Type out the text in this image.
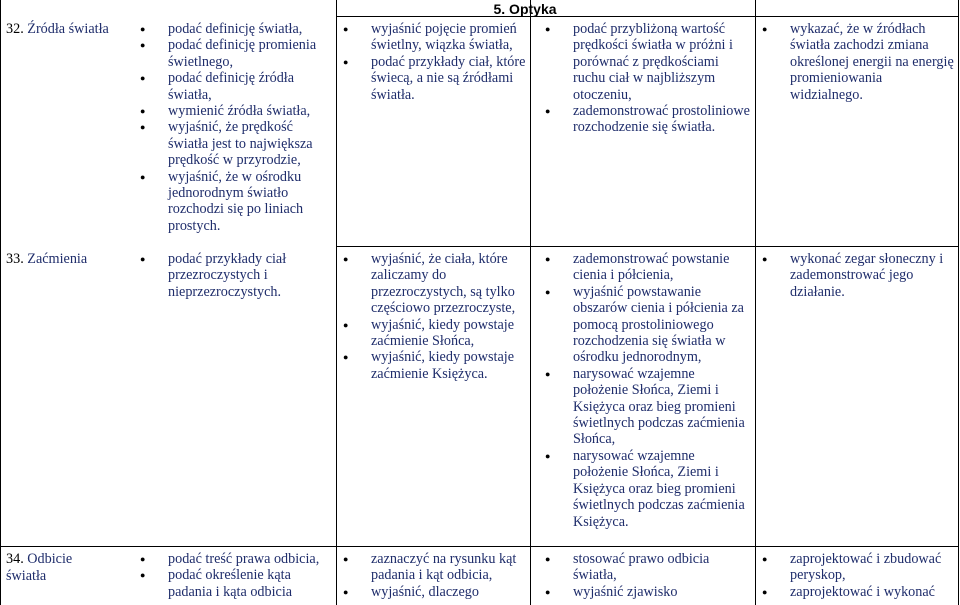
5. Optyka
32. Źródła światła	● podać definicję światła,
● podać definicję promienia świetlnego,
● podać definicję źródła światła,
● wymienić źródła światła,
● wyjaśnić, że prędkość światła jest to największa prędkość w przyrodzie,
● wyjaśnić, że w ośrodku jednorodnym światło rozchodzi się po liniach prostych.
● wyjaśnić pojęcie promień świetlny, wiązka światła,
● podać przykłady ciał, które świecą, a nie są źródłami światła.
● podać przybliżoną wartość prędkości światła w próżni i porównać z prędkościami ruchu ciał w najbliższym otoczeniu,
● zademonstrować prostoliniowe rozchodzenie się światła.
● wykazać, że w źródłach światła zachodzi zmiana określonej energii na energię promieniowania widzialnego.
33. Zaćmienia	● podać przykłady ciał przezroczystych i nieprzezroczystych.
● wyjaśnić, że ciała, które zaliczamy do przezroczystych, są tylko częściowo przezroczyste,
● wyjaśnić, kiedy powstaje zaćmienie Słońca,
● wyjaśnić, kiedy powstaje zaćmienie Księżyca.
● zademonstrować powstanie cienia i półcienia,
● wyjaśnić powstawanie obszarów cienia i półcienia za pomocą prostoliniowego rozchodzenia się światła w ośrodku jednorodnym,
● narysować wzajemne położenie Słońca, Ziemi i Księżyca oraz bieg promieni świetlnych podczas zaćmienia Słońca,
● narysować wzajemne położenie Słońca, Ziemi i Księżyca oraz bieg promieni świetlnych podczas zaćmienia Księżyca.
● wykonać zegar słoneczny i zademonstrować jego działanie.
34. Odbicie światła
● podać treść prawa odbicia,
● podać określenie kąta padania i kąta odbicia
● zaznaczyć na rysunku kąt padania i kąt odbicia,
● wyjaśnić, dlaczego
● stosować prawo odbicia światła,
● wyjaśnić zjawisko
● zaprojektować i zbudować peryskop,
● zaprojektować i wykonać
